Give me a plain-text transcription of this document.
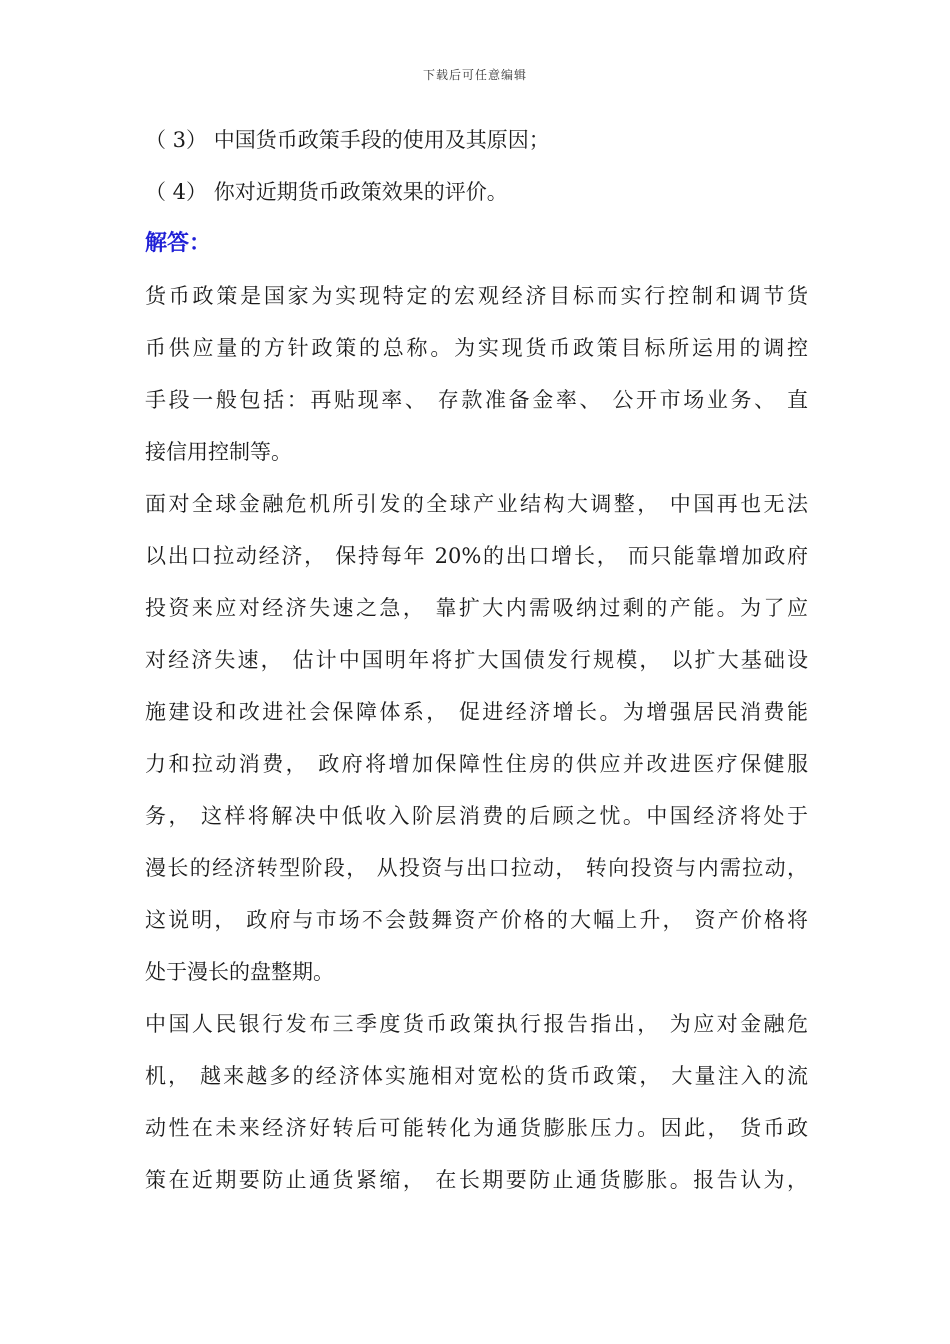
下载后可任意编辑
（ 3） 中国货币政策手段的使用及其原因；
（ 4） 你对近期货币政策效果的评价。
解答：
货币政策是国家为实现特定的宏观经济目标而实行控制和调节货
币供应量的方针政策的总称。为实现货币政策目标所运用的调控
手段一般包括：再贴现率、 存款准备金率、 公开市场业务、 直
接信用控制等。
面对全球金融危机所引发的全球产业结构大调整， 中国再也无法
以出口拉动经济， 保持每年 20%的出口增长， 而只能靠增加政府
投资来应对经济失速之急， 靠扩大内需吸纳过剩的产能。为了应
对经济失速， 估计中国明年将扩大国债发行规模， 以扩大基础设
施建设和改进社会保障体系， 促进经济增长。为增强居民消费能
力和拉动消费， 政府将增加保障性住房的供应并改进医疗保健服
务， 这样将解决中低收入阶层消费的后顾之忧。中国经济将处于
漫长的经济转型阶段， 从投资与出口拉动， 转向投资与内需拉动，
这说明， 政府与市场不会鼓舞资产价格的大幅上升， 资产价格将
处于漫长的盘整期。
中国人民银行发布三季度货币政策执行报告指出， 为应对金融危
机， 越来越多的经济体实施相对宽松的货币政策， 大量注入的流
动性在未来经济好转后可能转化为通货膨胀压力。因此， 货币政
策在近期要防止通货紧缩， 在长期要防止通货膨胀。报告认为，
